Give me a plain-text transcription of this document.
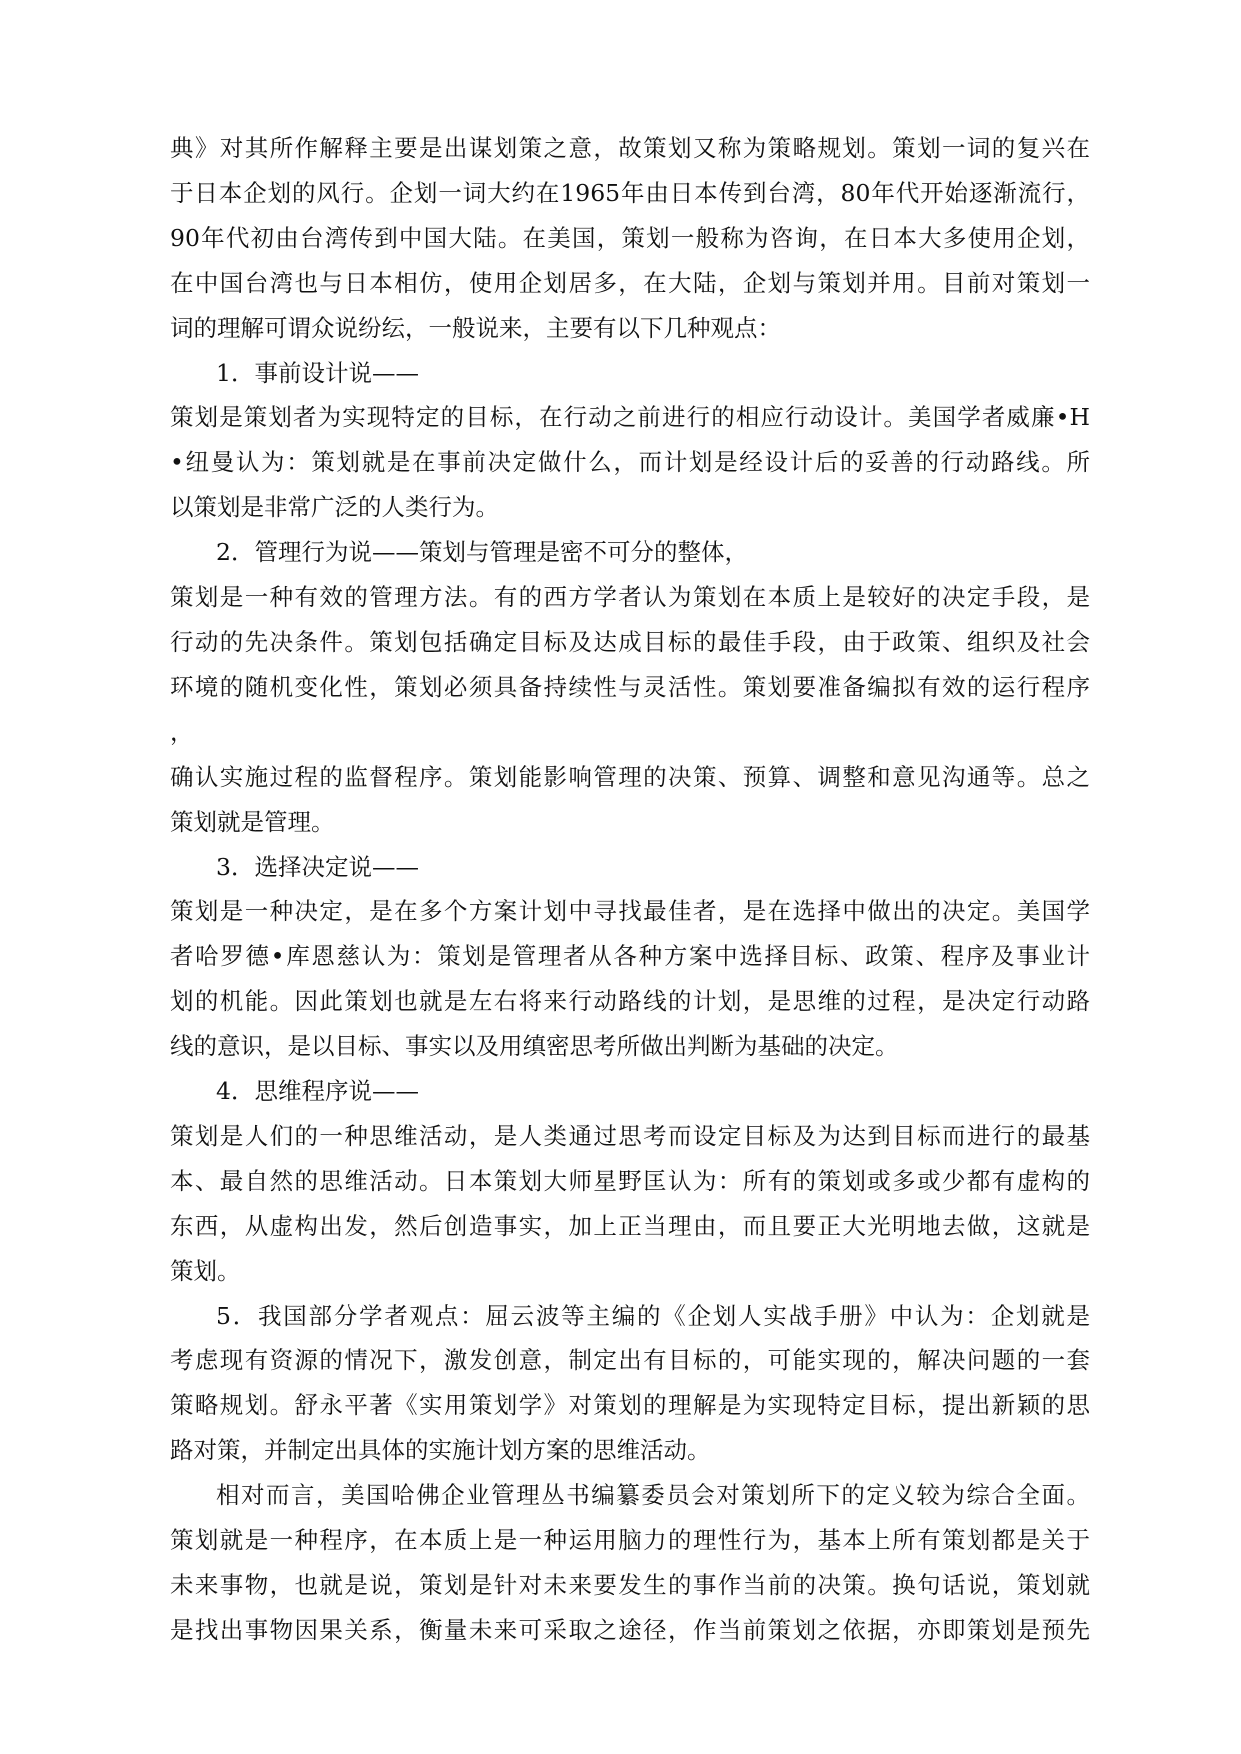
典》对其所作解释主要是出谋划策之意，故策划又称为策略规划。策划一词的复兴在
于日本企划的风行。企划一词大约在1965年由日本传到台湾，80年代开始逐渐流行，
90年代初由台湾传到中国大陆。在美国，策划一般称为咨询，在日本大多使用企划，
在中国台湾也与日本相仿，使用企划居多，在大陆，企划与策划并用。目前对策划一
词的理解可谓众说纷纭，一般说来，主要有以下几种观点：
1．事前设计说——
策划是策划者为实现特定的目标，在行动之前进行的相应行动设计。美国学者威廉•H
•纽曼认为：策划就是在事前决定做什么，而计划是经设计后的妥善的行动路线。所
以策划是非常广泛的人类行为。
2．管理行为说——策划与管理是密不可分的整体，
策划是一种有效的管理方法。有的西方学者认为策划在本质上是较好的决定手段，是
行动的先决条件。策划包括确定目标及达成目标的最佳手段，由于政策、组织及社会
环境的随机变化性，策划必须具备持续性与灵活性。策划要准备编拟有效的运行程序
，
确认实施过程的监督程序。策划能影响管理的决策、预算、调整和意见沟通等。总之
策划就是管理。
3．选择决定说——
策划是一种决定，是在多个方案计划中寻找最佳者，是在选择中做出的决定。美国学
者哈罗德•库恩慈认为：策划是管理者从各种方案中选择目标、政策、程序及事业计
划的机能。因此策划也就是左右将来行动路线的计划，是思维的过程，是决定行动路
线的意识，是以目标、事实以及用缜密思考所做出判断为基础的决定。
4．思维程序说——
策划是人们的一种思维活动，是人类通过思考而设定目标及为达到目标而进行的最基
本、最自然的思维活动。日本策划大师星野匡认为：所有的策划或多或少都有虚构的
东西，从虚构出发，然后创造事实，加上正当理由，而且要正大光明地去做，这就是
策划。
5．我国部分学者观点：屈云波等主编的《企划人实战手册》中认为：企划就是
考虑现有资源的情况下，激发创意，制定出有目标的，可能实现的，解决问题的一套
策略规划。舒永平著《实用策划学》对策划的理解是为实现特定目标，提出新颖的思
路对策，并制定出具体的实施计划方案的思维活动。
相对而言，美国哈佛企业管理丛书编纂委员会对策划所下的定义较为综合全面。
策划就是一种程序，在本质上是一种运用脑力的理性行为，基本上所有策划都是关于
未来事物，也就是说，策划是针对未来要发生的事作当前的决策。换句话说，策划就
是找出事物因果关系，衡量未来可采取之途径，作当前策划之依据，亦即策划是预先
